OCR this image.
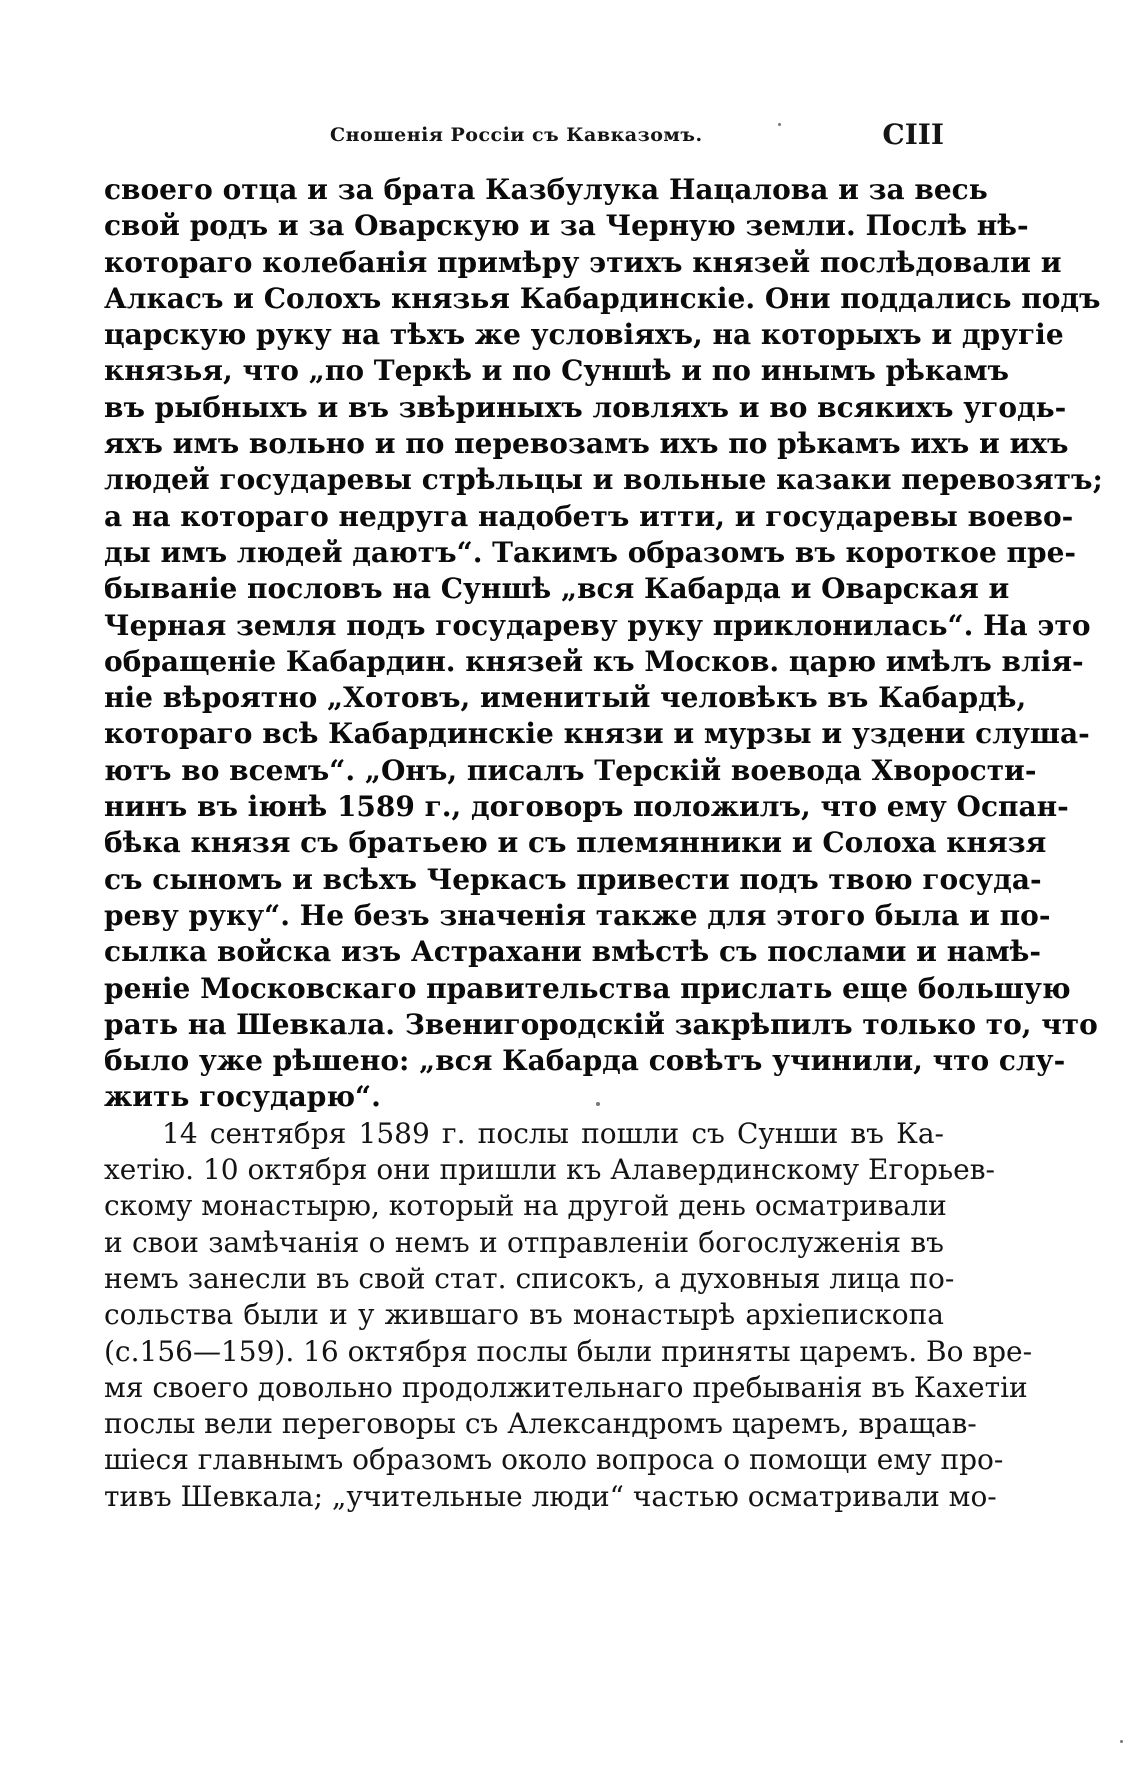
Сношенія Россіи съ Кавказомъ.	CIII
своего отца и за брата Казбулука Нацалова и за весь
свой родъ и за Оварскую и за Черную земли. Послѣ нѣ-
котораго колебанія примѣру этихъ князей послѣдовали и
Алкасъ и Солохъ князья Кабардинскіе. Они поддались подъ
царскую руку на тѣхъ же условіяхъ, на которыхъ и другіе
князья, что „по Теркѣ и по Суншѣ и по инымъ рѣкамъ
въ рыбныхъ и въ звѣриныхъ ловляхъ и во всякихъ угодь-
яхъ имъ вольно и по перевозамъ ихъ по рѣкамъ ихъ и ихъ
людей государевы стрѣльцы и вольные казаки перевозятъ;
а на котораго недруга надобетъ итти, и государевы воево-
ды имъ людей даютъ“. Такимъ образомъ въ короткое пре-
бываніе пословъ на Суншѣ „вся Кабарда и Оварская и
Черная земля подъ государеву руку приклонилась“. На это
обращеніе Кабардин. князей къ Москов. царю имѣлъ влія-
ніе вѣроятно „Хотовъ, именитый человѣкъ въ Кабардѣ,
котораго всѣ Кабардинскіе князи и мурзы и уздени слушa-
ютъ во всемъ“. „Онъ, писалъ Терскій воевода Хворости-
нинъ въ іюнѣ 1589 г., договоръ положилъ, что ему Оспан-
бѣка князя съ братьею и съ племянники и Солоха князя
съ сыномъ и всѣхъ Черкасъ привести подъ твою госуда-
реву руку“. Не безъ значенія также для этого была и по-
сылка войска изъ Астрахани вмѣстѣ съ послами и намѣ-
реніе Московскаго правительства прислать еще большую
рать на Шевкала. Звенигородскій закрѣпилъ только то, что
было уже рѣшено: „вся Кабарда совѣтъ учинили, что слу-
жить государю“.
14 сентября 1589 г. послы пошли съ Сунши въ Ка-
хетію. 10 октября они пришли къ Алавердинскому Егорьев-
скому монастырю, который на другой день осматривали
и свои замѣчанія о немъ и отправленіи богослуженія въ
немъ занесли въ свой стат. списокъ, а духовныя лица по-
сольства были и у жившаго въ монастырѣ архіепископа
(с.156—159). 16 октября послы были приняты царемъ. Во вре-
мя своего довольно продолжительнаго пребыванія въ Кахетіи
послы вели переговоры съ Александромъ царемъ, вращав-
шіеся главнымъ образомъ около вопроса о помощи ему про-
тивъ Шевкала; „учительные люди“ частью осматривали мо-
